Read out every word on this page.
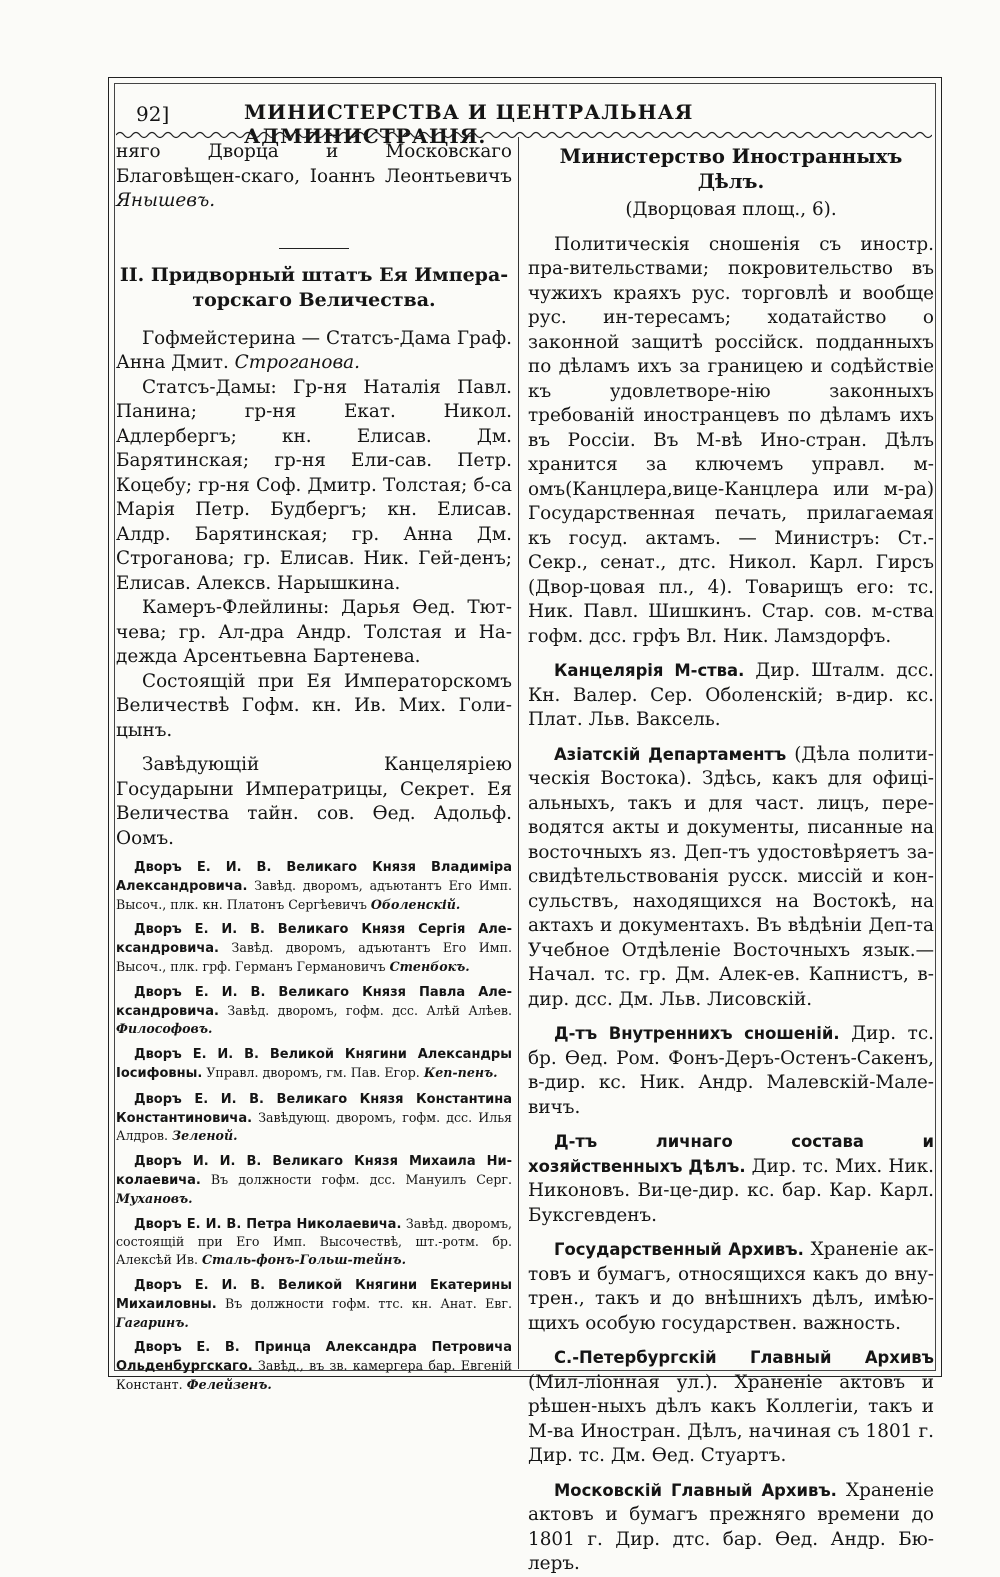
92]	МИНИСТЕРСТВА И ЦЕНТРАЛЬНАЯ АДМИНИСТРАЦІЯ.

няго Дворца и Московскаго Благовѣщен-скаго, Іоаннъ Леонтьевичъ Янышевъ.

II. Придворный штатъ Ея Импера-торскаго Величества.

Гофмейстерина — Статсъ-Дама Граф. Анна Дмит. Строганова.

Статсъ-Дамы: Гр-ня Наталія Павл. Панина; гр-ня Екат. Никол. Адлербергъ; кн. Елисав. Дм. Барятинская; гр-ня Ели-сав. Петр. Коцебу; гр-ня Соф. Дмитр. Толстая; б-са Марія Петр. Будбергъ; кн. Елисав. Алдр. Барятинская; гр. Анна Дм. Строганова; гр. Елисав. Ник. Гей-денъ; Елисав. Алексв. Нарышкина.

Камеръ-Флейлины: Дарья Ѳед. Тют-чева; гр. Ал-дра Андр. Толстая и На-дежда Арсентьевна Бартенева.

Состоящій при Ея Императорскомъ Величествѣ Гофм. кн. Ив. Мих. Голи-цынъ.

Завѣдующій Канцеляріею Государыни Императрицы, Секрет. Ея Величества тайн. сов. Ѳед. Адольф. Оомъ.

Дворъ Е. И. В. Великаго Князя Владиміра Александровича. Завѣд. дворомъ, адъютантъ Его Имп. Высоч., плк. кн. Платонъ Сергѣевичъ Оболенскій.

Дворъ Е. И. В. Великаго Князя Сергія Але-ксандровича. Завѣд. дворомъ, адъютантъ Его Имп. Высоч., плк. грф. Германъ Германовичъ Стенбокъ.

Дворъ Е. И. В. Великаго Князя Павла Але-ксандровича. Завѣд. дворомъ, гофм. дсс. Алѣй Алѣев. Философовъ.

Дворъ Е. И. В. Великой Княгини Александры Іосифовны. Управл. дворомъ, гм. Пав. Егор. Кеп-пенъ.

Дворъ Е. И. В. Великаго Князя Константина Константиновича. Завѣдующ. дворомъ, гофм. дсс. Илья Алдров. Зеленой.

Дворъ И. И. В. Великаго Князя Михаила Ни-колаевича. Въ должности гофм. дсс. Мануилъ Серг. Мухановъ.

Дворъ Е. И. В. Петра Николаевича. Завѣд. дворомъ, состоящій при Его Имп. Высочествѣ, шт.-ротм. бр. Алексѣй Ив. Сталь-фонъ-Гольш-тейнъ.

Дворъ Е. И. В. Великой Княгини Екатерины Михаиловны. Въ должности гофм. ттс. кн. Анат. Евг. Гагаринъ.

Дворъ Е. В. Принца Александра Петровича Ольденбургскаго. Завѣд., въ зв. камергера бар. Евгеній Констант. Фелейзенъ.

Министерство Иностранныхъ Дѣлъ.

(Дворцовая площ., 6).

Политическія сношенія съ иностр. пра-вительствами; покровительство въ чужихъ краяхъ рус. торговлѣ и вообще рус. ин-тересамъ; ходатайство о законной защитѣ россійск. подданныхъ по дѣламъ ихъ за границею и содѣйствіе къ удовлетворе-нію законныхъ требованій иностранцевъ по дѣламъ ихъ въ Россіи. Въ М-вѣ Ино-стран. Дѣлъ хранится за ключемъ управл. м-омъ(Канцлера,вице-Канцлера или м-ра) Государственная печать, прилагаемая къ госуд. актамъ. — Министръ: Ст.-Секр., сенат., дтс. Никол. Карл. Гирсъ (Двор-цовая пл., 4). Товарищъ его: тс. Ник. Павл. Шишкинъ. Стар. сов. м-ства гофм. дсс. грфъ Вл. Ник. Ламздорфъ.

Канцелярія М-ства. Дир. Шталм. дсс. Кн. Валер. Сер. Оболенскій; в-дир. кс. Плат. Льв. Ваксель.

Азіатскій Департаментъ (Дѣла полити-ческія Востока). Здѣсь, какъ для офиці-альныхъ, такъ и для част. лицъ, пере-водятся акты и документы, писанные на восточныхъ яз. Деп-тъ удостовѣряетъ за-свидѣтельствованія русск. миссій и кон-сульствъ, находящихся на Востокѣ, на актахъ и документахъ. Въ вѣдѣніи Деп-та Учебное Отдѣленіе Восточныхъ язык.— Начал. тс. гр. Дм. Алек-ев. Капнистъ, в-дир. дсс. Дм. Льв. Лисовскій.

Д-тъ Внутреннихъ сношеній. Дир. тс. бр. Ѳед. Ром. Фонъ-Деръ-Остенъ-Сакенъ, в-дир. кс. Ник. Андр. Малевскій-Мале-вичъ.

Д-тъ личнаго состава и хозяйственныхъ Дѣлъ. Дир. тс. Мих. Ник. Никоновъ. Ви-це-дир. кс. бар. Кар. Карл. Буксгевденъ.

Государственный Архивъ. Храненіе ак-товъ и бумагъ, относящихся какъ до вну-трен., такъ и до внѣшнихъ дѣлъ, имѣю-щихъ особую государствен. важность.

С.-Петербургскій Главный Архивъ (Мил-ліонная ул.). Храненіе актовъ и рѣшен-ныхъ дѣлъ какъ Коллегіи, такъ и М-ва Иностран. Дѣлъ, начиная съ 1801 г. Дир. тс. Дм. Ѳед. Стуартъ.

Московскій Главный Архивъ. Храненіе актовъ и бумагъ прежняго времени до 1801 г. Дир. дтс. бар. Ѳед. Андр. Бю-леръ.
